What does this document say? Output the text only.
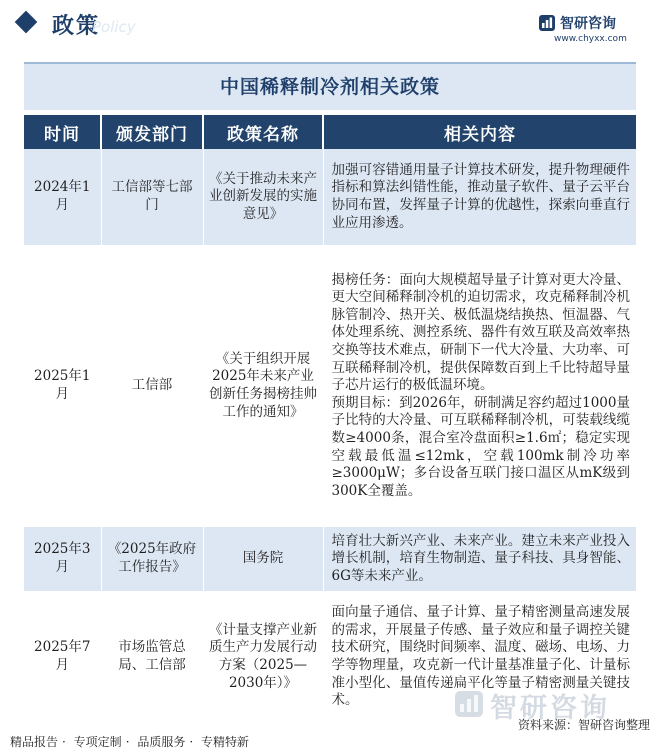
政策
Policy	智研咨询
www.chyxx.com
中国稀释制冷剂相关政策
时间	颁发部门	政策名称	相关内容
2024年1月	工信部等七部门	《关于推动未来产业创新发展的实施意见》	加强可容错通用量子计算技术研发，提升物理硬件指标和算法纠错性能，推动量子软件、量子云平台协同布置，发挥量子计算的优越性，探索向垂直行业应用渗透。
2025年1月	工信部	《关于组织开展2025年未来产业创新任务揭榜挂帅工作的通知》	揭榜任务：面向大规模超导量子计算对更大冷量、更大空间稀释制冷机的迫切需求，攻克稀释制冷机脉管制冷、热开关、极低温烧结换热、恒温器、气体处理系统、测控系统、器件有效互联及高效率热交换等技术难点，研制下一代大冷量、大功率、可互联稀释制冷机，提供保障数百到上千比特超导量子芯片运行的极低温环境。
预期目标：到2026年，研制满足容约超过1000量子比特的大冷量、可互联稀释制冷机，可装载线缆数≥4000条，混合室冷盘面积≥1.6㎡；稳定实现空载最低温≤12mk，空载100mk制冷功率≥3000μW；多台设备互联门接口温区从mK级到300K全覆盖。

2025年3月	《2025年政府工作报告》	国务院	培育壮大新兴产业、未来产业。建立未来产业投入增长机制，培育生物制造、量子科技、具身智能、6G等未来产业。
2025年7月	市场监管总局、工信部	《计量支撑产业新质生产力发展行动方案（2025—2030年）》	面向量子通信、量子计算、量子精密测量高速发展的需求，开展量子传感、量子效应和量子调控关键技术研究，围绕时间频率、温度、磁场、电场、力学等物理量，攻克新一代计量基准量子化、计量标准小型化、量值传递扁平化等量子精密测量关键技术。	智研咨询
资料来源：智研咨询整理
精品报告 · 专项定制 · 品质服务 · 专精特新
